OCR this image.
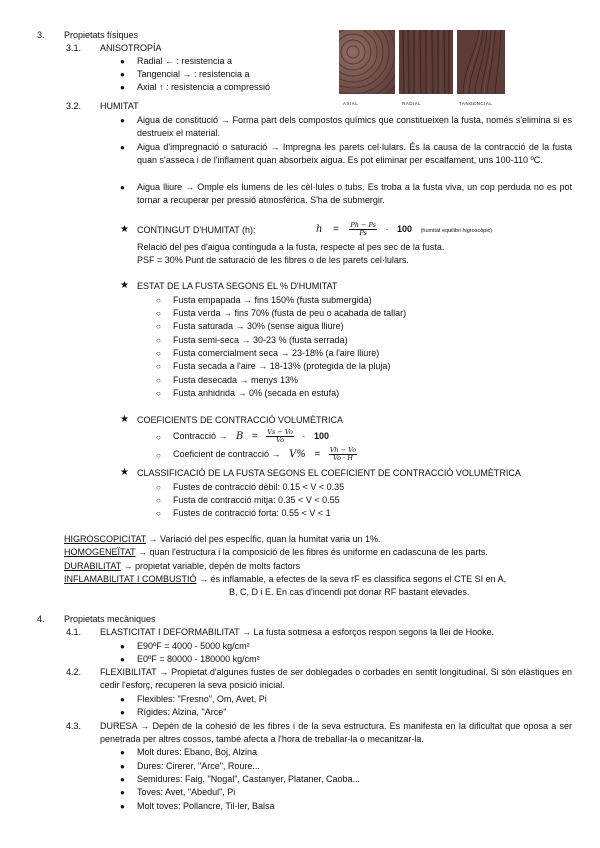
3. Propietats físiques
3.1. ANISOTROPÍA
● Radial ← : resistencia a
● Tangencial → : resistencia a
● Axial ↑ : resistencia a compressió
AXIAL	RADIAL	TANGENCIAL
3.2. HUMITAT
● Aigua de constitució → Forma part dels compostos químics que constitueixen la fusta, només s'elimina si es destrueix el material.
● Aigua d'impregnació o saturació → Impregna les parets cel·lulars. És la causa de la contracció de la fusta quan s'asseca i de l'inflament quan absorbeix aigua. Es pot eliminar per escalfament, uns 100-110 ºC.
● Aigua lliure → Omple els lumens de les cèl·lules o tubs. Es troba a la fusta viva, un cop perduda no es pot tornar a recuperar per pressió atmosfèrica. S'ha de submergir.
★ CONTINGUT D'HUMITAT (h):	$h = \frac{Ph - Ps}{Ps} \cdot 100$ (humitat equilibri higroscòpic)
Relació del pes d'aigua continguda a la fusta, respecte al pes sec de la fusta.
PSF = 30% Punt de saturació de les fibres o de les parets cel·lulars.
★ ESTAT DE LA FUSTA SEGONS EL % D'HUMITAT
○ Fusta empapada → fins 150% (fusta submergida)
○ Fusta verda → fins 70% (fusta de peu o acabada de tallar)
○ Fusta saturada → 30% (sense aigua lliure)
○ Fusta semi-seca → 30-23 % (fusta serrada)
○ Fusta comercialment seca → 23-18% (a l'aire lliure)
○ Fusta secada a l'aire → 18-13% (protegida de la pluja)
○ Fusta desecada → menys 13%
○ Fusta anhidrida → 0% (secada en estufa)
★ COEFICIENTS DE CONTRACCIÓ VOLUMÈTRICA
○ Contracció → $B = \frac{Vs - Vo}{Vo} \cdot 100$
○ Coeficient de contracció → $V\% = \frac{Vh - Vo}{Vo \cdot H}$
★ CLASSIFICACIÓ DE LA FUSTA SEGONS EL COEFICIENT DE CONTRACCIÓ VOLUMÈTRICA
○ Fustes de contracció dèbil: 0.15 < V < 0.35
○ Fusta de contracció mitja: 0.35 < V < 0.55
○ Fustes de contracció forta: 0.55 < V < 1
HIGROSCOPICITAT → Variació del pes específic, quan la humitat varia un 1%.
HOMOGENEÏTAT → quan l'estructura i la composició de les fibres és uniforme en cadascuna de les parts.
DURABILITAT → propietat variable, depèn de molts factors
INFLAMABILITAT I COMBUSTIÓ → és inflamable, a efectes de la seva rF es classifica segons el CTE SI en A,
B, C, D i E. En cas d'incendi pot donar RF bastant elevades.
4. Propietats mecàniques
4.1. ELASTICITAT I DEFORMABILITAT → La fusta sotmesa a esforços respon segons la llei de Hooke.
● E90ºF = 4000 - 5000 kg/cm²
● E0ºF = 80000 - 180000 kg/cm²
4.2. FLEXIBILITAT → Propietat d'algunes fustes de ser doblegades o corbades en sentit longitudinal. Si són elàstiques en cedir l'esforç, recuperen la seva posició inicial.
● Flexibles: "Fresno", Om, Avet, Pi
● Rígides: Alzina, "Arce"
4.3. DURESA → Depèn de la cohesió de les fibres i de la seva estructura. Es manifesta en la dificultat que oposa a ser penetrada per altres cossos, també afecta a l'hora de treballar-la o mecanitzar-la.
● Molt dures: Ebano, Boj, Alzina
● Dures: Cirerer, "Arce", Roure...
● Semidures: Faig, "Nogal", Castanyer, Plataner, Caoba...
● Toves: Avet, "Abedul", Pi
● Molt toves: Pollancre, Til·ler, Balsa
